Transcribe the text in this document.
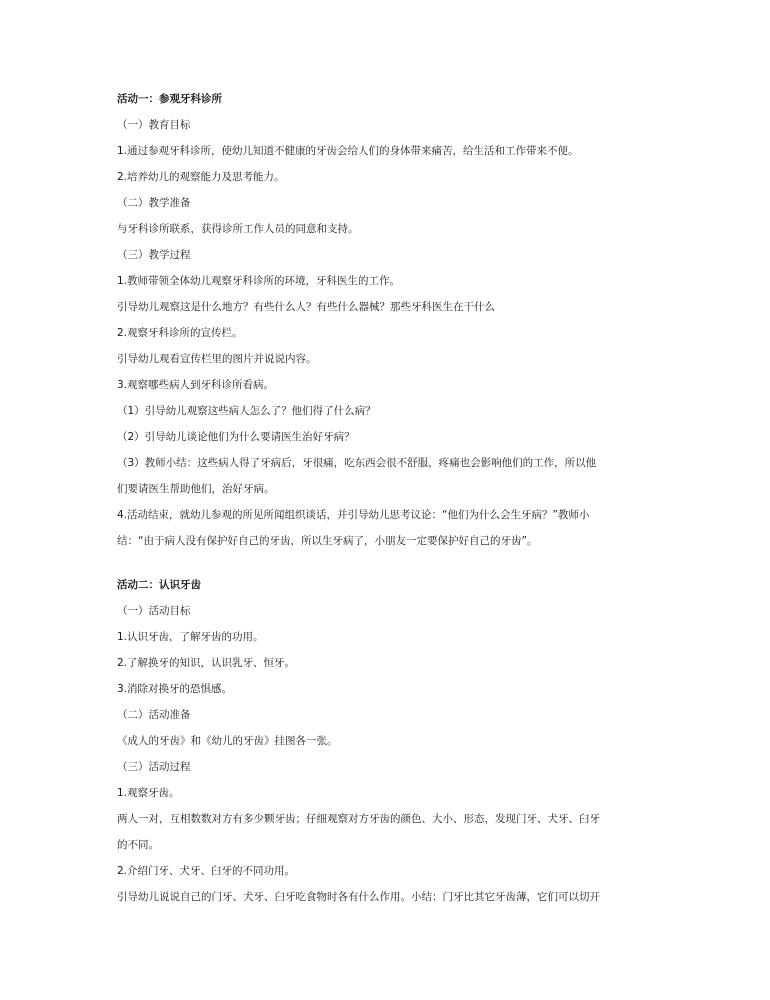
活动一：参观牙科诊所
（一）教育目标
1.通过参观牙科诊所，使幼儿知道不健康的牙齿会给人们的身体带来痛苦，给生活和工作带来不便。
2.培养幼儿的观察能力及思考能力。
（二）教学准备
与牙科诊所联系，获得诊所工作人员的同意和支持。
（三）教学过程
1.教师带领全体幼儿观察牙科诊所的环境，牙科医生的工作。
引导幼儿观察这是什么地方？有些什么人？有些什么器械？那些牙科医生在干什么
2.观察牙科诊所的宣传栏。
引导幼儿观看宣传栏里的图片并说说内容。
3.观察哪些病人到牙科诊所看病。
（1）引导幼儿观察这些病人怎么了？他们得了什么病？
（2）引导幼儿谈论他们为什么要请医生治好牙病？
（3）教师小结：这些病人得了牙病后，牙很痛，吃东西会很不舒服，疼痛也会影响他们的工作，所以他
们要请医生帮助他们，治好牙病。
4.活动结束，就幼儿参观的所见所闻组织谈话，并引导幼儿思考议论：“他们为什么会生牙病？”教师小
结：“由于病人没有保护好自己的牙齿，所以生牙病了，小朋友一定要保护好自己的牙齿”。
活动二：认识牙齿
（一）活动目标
1.认识牙齿，了解牙齿的功用。
2.了解换牙的知识，认识乳牙、恒牙。
3.消除对换牙的恐惧感。
（二）活动准备
《成人的牙齿》和《幼儿的牙齿》挂图各一张。
（三）活动过程
1.观察牙齿。
两人一对，互相数数对方有多少颗牙齿；仔细观察对方牙齿的颜色、大小、形态，发现门牙、犬牙、臼牙
的不同。
2.介绍门牙、犬牙、臼牙的不同功用。
引导幼儿说说自己的门牙、犬牙、臼牙吃食物时各有什么作用。小结：门牙比其它牙齿薄，它们可以切开
